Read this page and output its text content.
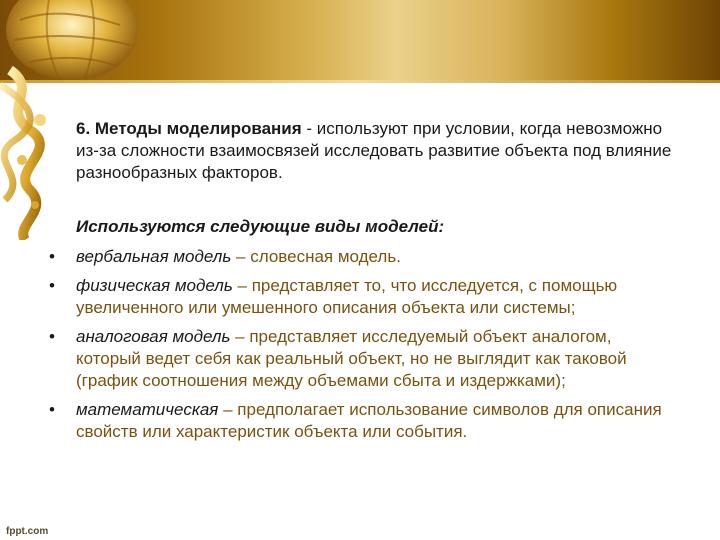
6. Методы моделирования - используют при условии, когда невозможно из-за сложности взаимосвязей исследовать развитие объекта под влияние разнообразных факторов.
Используются следующие виды моделей:
•	вербальная модель – словесная модель.
•	физическая модель – представляет то, что исследуется, с помощью увеличенного или умешенного описания объекта или системы;
•	аналоговая модель – представляет исследуемый объект аналогом, который ведет себя как реальный объект, но не выглядит как таковой (график соотношения между объемами сбыта и издержками);
•	математическая – предполагает использование символов для описания свойств или характеристик объекта или события.
fppt.com
